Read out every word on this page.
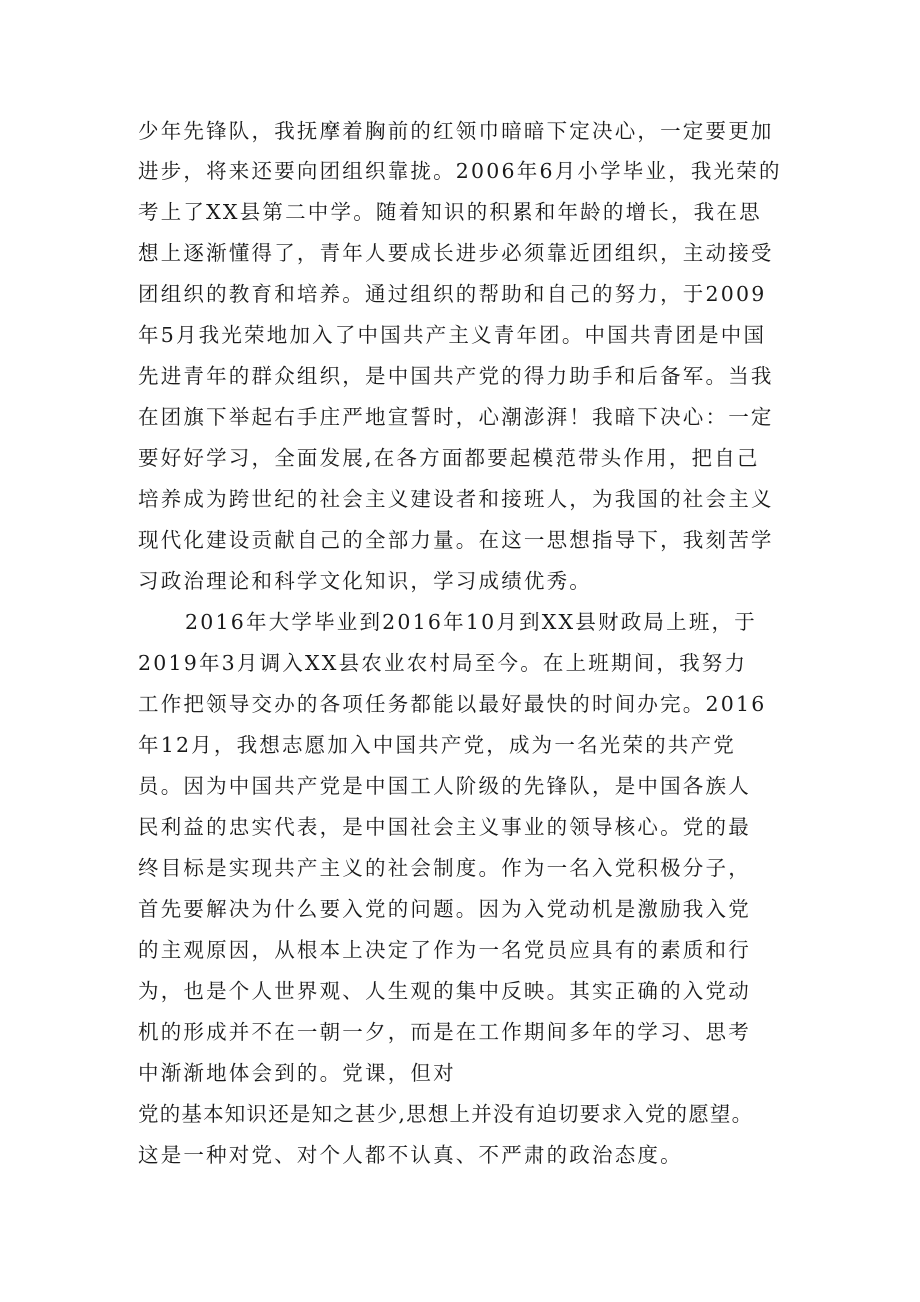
少年先锋队，我抚摩着胸前的红领巾暗暗下定决心，一定要更加
进步，将来还要向团组织靠拢。2006年6月小学毕业，我光荣的
考上了XX县第二中学。随着知识的积累和年龄的增长，我在思
想上逐渐懂得了，青年人要成长进步必须靠近团组织，主动接受
团组织的教育和培养。通过组织的帮助和自己的努力，于2009
年5月我光荣地加入了中国共产主义青年团。中国共青团是中国
先进青年的群众组织，是中国共产党的得力助手和后备军。当我
在团旗下举起右手庄严地宣誓时，心潮澎湃！我暗下决心：一定
要好好学习，全面发展,在各方面都要起模范带头作用，把自己
培养成为跨世纪的社会主义建设者和接班人，为我国的社会主义
现代化建设贡献自己的全部力量。在这一思想指导下，我刻苦学
习政治理论和科学文化知识，学习成绩优秀。
2016年大学毕业到2016年10月到XX县财政局上班，于
2019年3月调入XX县农业农村局至今。在上班期间，我努力
工作把领导交办的各项任务都能以最好最快的时间办完。2016
年12月，我想志愿加入中国共产党，成为一名光荣的共产党
员。因为中国共产党是中国工人阶级的先锋队，是中国各族人
民利益的忠实代表，是中国社会主义事业的领导核心。党的最
终目标是实现共产主义的社会制度。作为一名入党积极分子，
首先要解决为什么要入党的问题。因为入党动机是激励我入党
的主观原因，从根本上决定了作为一名党员应具有的素质和行
为，也是个人世界观、人生观的集中反映。其实正确的入党动
机的形成并不在一朝一夕，而是在工作期间多年的学习、思考
中渐渐地体会到的。党课，但对
党的基本知识还是知之甚少,思想上并没有迫切要求入党的愿望。
这是一种对党、对个人都不认真、不严肃的政治态度。
